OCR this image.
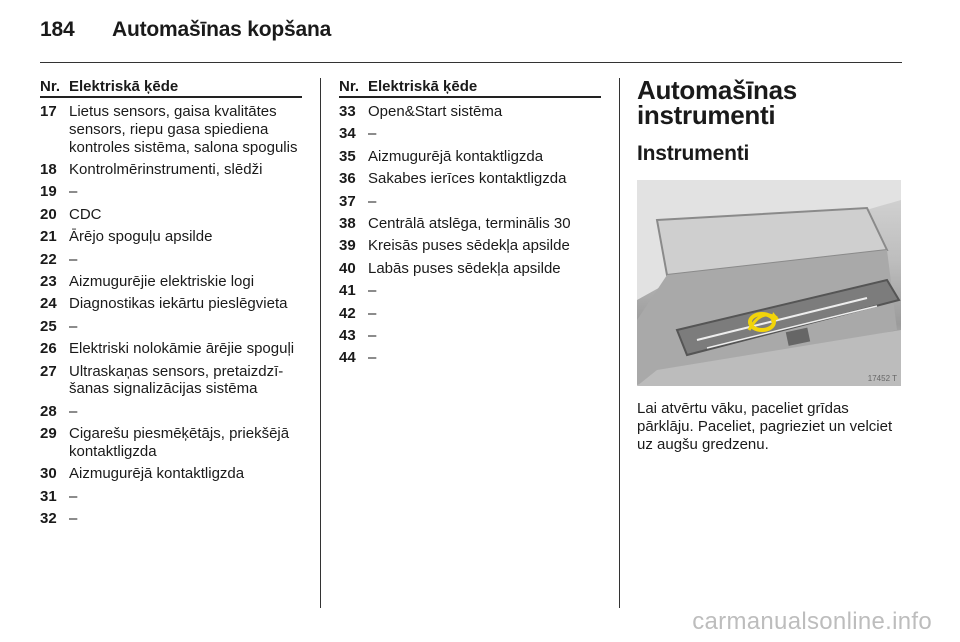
184 Automašīnas kopšana
Nr. Elektriskā ķēde
17 Lietus sensors, gaisa kvalitātes sensors, riepu gasa spiediena kontroles sistēma, salona spogulis
18 Kontrolmērinstrumenti, slēdži
19 –
20 CDC
21 Ārējo spoguļu apsilde
22 –
23 Aizmugurējie elektriskie logi
24 Diagnostikas iekārtu pieslēgvieta
25 –
26 Elektriski nolokāmie ārējie spoguļi
27 Ultraskaņas sensors, pretaizdzī-šanas signalizācijas sistēma
28 –
29 Cigarešu piesmēķētājs, priekšējā kontaktligzda
30 Aizmugurējā kontaktligzda
31 –
32 –
Nr. Elektriskā ķēde
33 Open&Start sistēma
34 –
35 Aizmugurējā kontaktligzda
36 Sakabes ierīces kontaktligzda
37 –
38 Centrālā atslēga, terminālis 30
39 Kreisās puses sēdekļa apsilde
40 Labās puses sēdekļa apsilde
41 –
42 –
43 –
44 –
Automašīnas
instrumenti
Instrumenti
17452 T
Lai atvērtu vāku, paceliet grīdas pārklāju. Paceliet, pagrieziet un velciet uz augšu gredzenu.
carmanualsonline.info
